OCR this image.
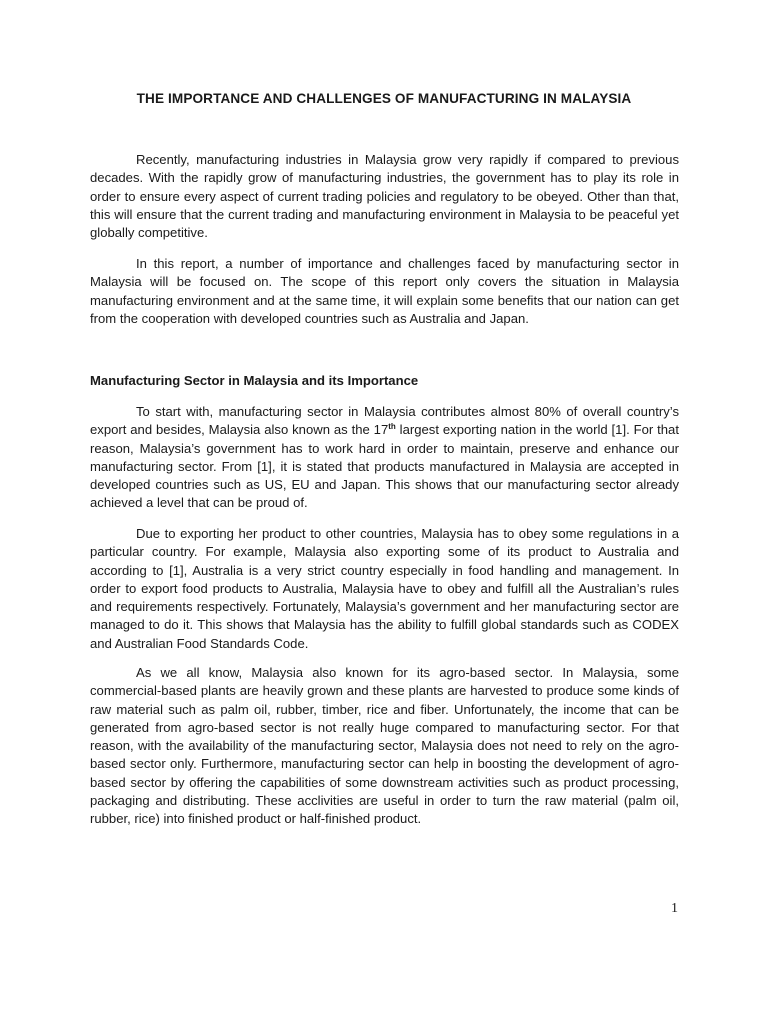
THE IMPORTANCE AND CHALLENGES OF MANUFACTURING IN MALAYSIA

Recently, manufacturing industries in Malaysia grow very rapidly if compared to previous decades. With the rapidly grow of manufacturing industries, the government has to play its role in order to ensure every aspect of current trading policies and regulatory to be obeyed. Other than that, this will ensure that the current trading and manufacturing environment in Malaysia to be peaceful yet globally competitive.

In this report, a number of importance and challenges faced by manufacturing sector in Malaysia will be focused on. The scope of this report only covers the situation in Malaysia manufacturing environment and at the same time, it will explain some benefits that our nation can get from the cooperation with developed countries such as Australia and Japan.

Manufacturing Sector in Malaysia and its Importance

To start with, manufacturing sector in Malaysia contributes almost 80% of overall country’s export and besides, Malaysia also known as the 17th largest exporting nation in the world [1]. For that reason, Malaysia’s government has to work hard in order to maintain, preserve and enhance our manufacturing sector. From [1], it is stated that products manufactured in Malaysia are accepted in developed countries such as US, EU and Japan. This shows that our manufacturing sector already achieved a level that can be proud of.

Due to exporting her product to other countries, Malaysia has to obey some regulations in a particular country. For example, Malaysia also exporting some of its product to Australia and according to [1], Australia is a very strict country especially in food handling and management. In order to export food products to Australia, Malaysia have to obey and fulfill all the Australian’s rules and requirements respectively. Fortunately, Malaysia’s government and her manufacturing sector are managed to do it. This shows that Malaysia has the ability to fulfill global standards such as CODEX and Australian Food Standards Code.

As we all know, Malaysia also known for its agro-based sector. In Malaysia, some commercial-based plants are heavily grown and these plants are harvested to produce some kinds of raw material such as palm oil, rubber, timber, rice and fiber. Unfortunately, the income that can be generated from agro-based sector is not really huge compared to manufacturing sector. For that reason, with the availability of the manufacturing sector, Malaysia does not need to rely on the agro-based sector only. Furthermore, manufacturing sector can help in boosting the development of agro-based sector by offering the capabilities of some downstream activities such as product processing, packaging and distributing. These acclivities are useful in order to turn the raw material (palm oil, rubber, rice) into finished product or half-finished product.

1
